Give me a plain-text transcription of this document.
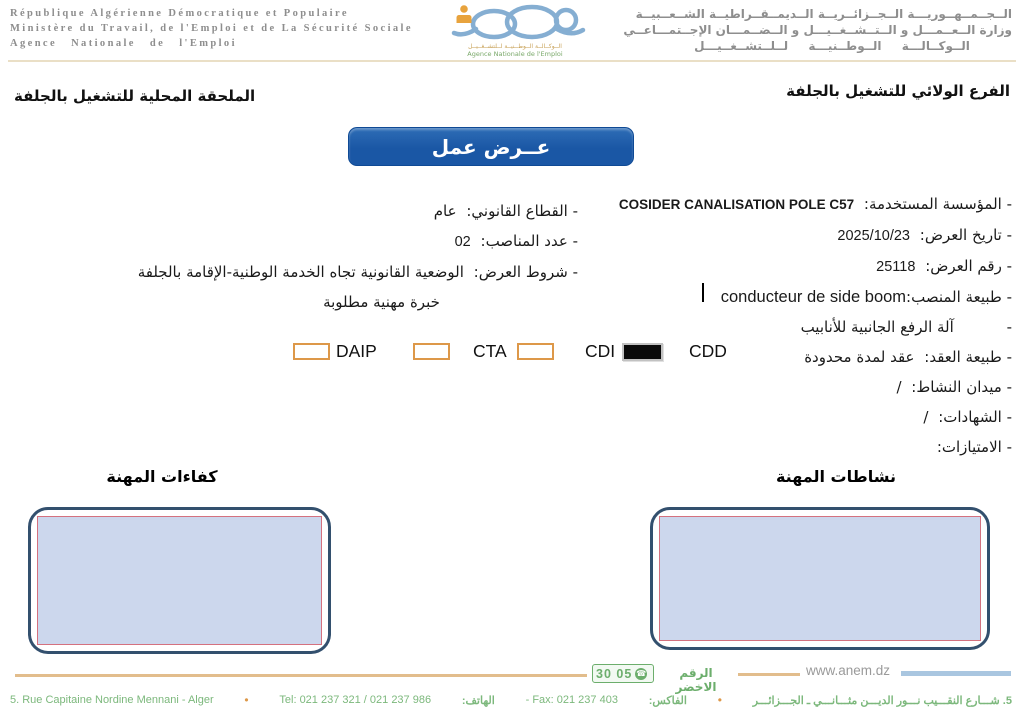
République Algérienne Démocratique et Populaire
Ministère du Travail, de l'Emploi et de La Sécurité Sociale
Agence Nationale de l'Emploi	الــوكــالــة الــوطــنيــة لــلتشــغــيــل
Agence Nationale de l'Emploi
الــجــمــهــوريـــة الــجــزائــريــة الــديمــقــراطيــة الشــعــبيــة
وزارة الــعــمـــل و الــتــشــغــيـــل و الــضــمـــان الإجــتمـــاعــي
الــوكــالـــة الــوطــنيـــة لــلــتشــغــيـــل
الفرع الولائي للتشغيل بالجلفة
الملحقة المحلية للتشغيل بالجلفة
عــرض عمل
- المؤسسة المستخدمة: COSIDER CANALISATION POLE C57
- تاريخ العرض: 2025/10/23
- رقم العرض: 25118
- طبيعة المنصب:conducteur de side boom
- آلة الرفع الجانبية للأنابيب
- طبيعة العقد: عقد لمدة محدودة
- ميدان النشاط: /
- الشهادات: /
- الامتيازات:
- القطاع القانوني: عام
- عدد المناصب: 02
- شروط العرض: الوضعية القانونية تجاه الخدمة الوطنية-الإقامة بالجلفة
خبرة مهنية مطلوبة
DAIP	CTA	CDI	CDD
نشاطات المهنة
كفاءات المهنة
30 05 ☎	الرقم الاخضر
www.anem.dz
5. Rue Capitaine Nordine Mennani - Alger	•	Tel: 021 237 321 / 021 237 986	الهاتف:	- Fax: 021 237 403	الفاكس:	•	5. شـــارع النقـــيب نـــور الديـــن مثـــانـــي ـ الجـــزائـــر
